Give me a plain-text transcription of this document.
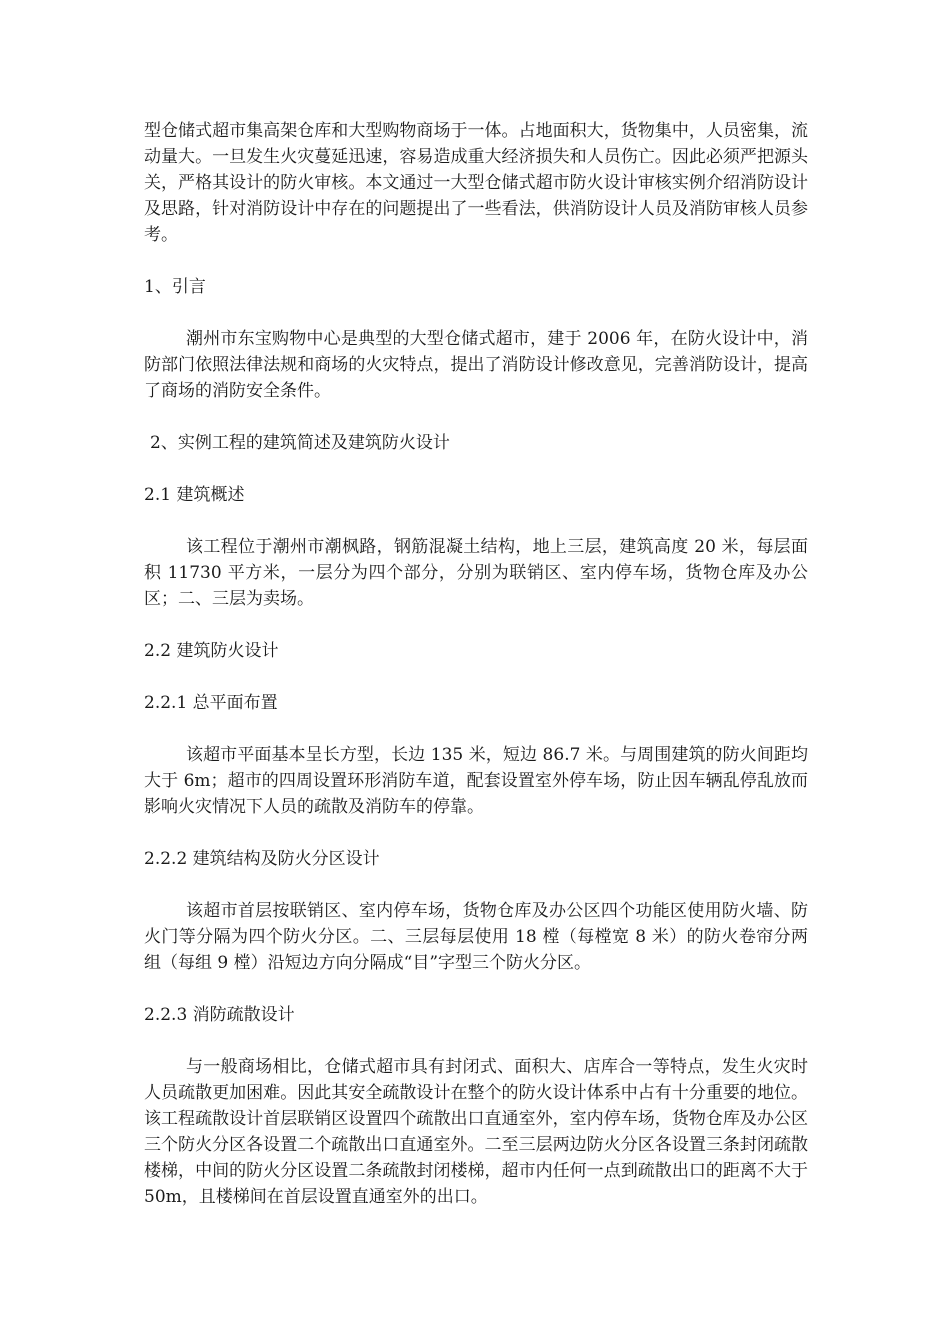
型仓储式超市集高架仓库和大型购物商场于一体。占地面积大，货物集中，人员密集，流动量大。一旦发生火灾蔓延迅速，容易造成重大经济损失和人员伤亡。因此必须严把源头关，严格其设计的防火审核。本文通过一大型仓储式超市防火设计审核实例介绍消防设计及思路，针对消防设计中存在的问题提出了一些看法，供消防设计人员及消防审核人员参考。

1、引言

潮州市东宝购物中心是典型的大型仓储式超市，建于 2006 年，在防火设计中，消防部门依照法律法规和商场的火灾特点，提出了消防设计修改意见，完善消防设计，提高了商场的消防安全条件。

2、实例工程的建筑简述及建筑防火设计

2.1 建筑概述

该工程位于潮州市潮枫路，钢筋混凝土结构，地上三层，建筑高度 20 米，每层面积 11730 平方米，一层分为四个部分，分别为联销区、室内停车场，货物仓库及办公区；二、三层为卖场。

2.2 建筑防火设计

2.2.1 总平面布置

该超市平面基本呈长方型，长边 135 米，短边 86.7 米。与周围建筑的防火间距均大于 6m；超市的四周设置环形消防车道，配套设置室外停车场，防止因车辆乱停乱放而影响火灾情况下人员的疏散及消防车的停靠。

2.2.2 建筑结构及防火分区设计

该超市首层按联销区、室内停车场，货物仓库及办公区四个功能区使用防火墙、防火门等分隔为四个防火分区。二、三层每层使用 18 樘（每樘宽 8 米）的防火卷帘分两组（每组 9 樘）沿短边方向分隔成“目”字型三个防火分区。

2.2.3 消防疏散设计

与一般商场相比，仓储式超市具有封闭式、面积大、店库合一等特点，发生火灾时人员疏散更加困难。因此其安全疏散设计在整个的防火设计体系中占有十分重要的地位。该工程疏散设计首层联销区设置四个疏散出口直通室外，室内停车场，货物仓库及办公区三个防火分区各设置二个疏散出口直通室外。二至三层两边防火分区各设置三条封闭疏散楼梯，中间的防火分区设置二条疏散封闭楼梯，超市内任何一点到疏散出口的距离不大于 50m，且楼梯间在首层设置直通室外的出口。
